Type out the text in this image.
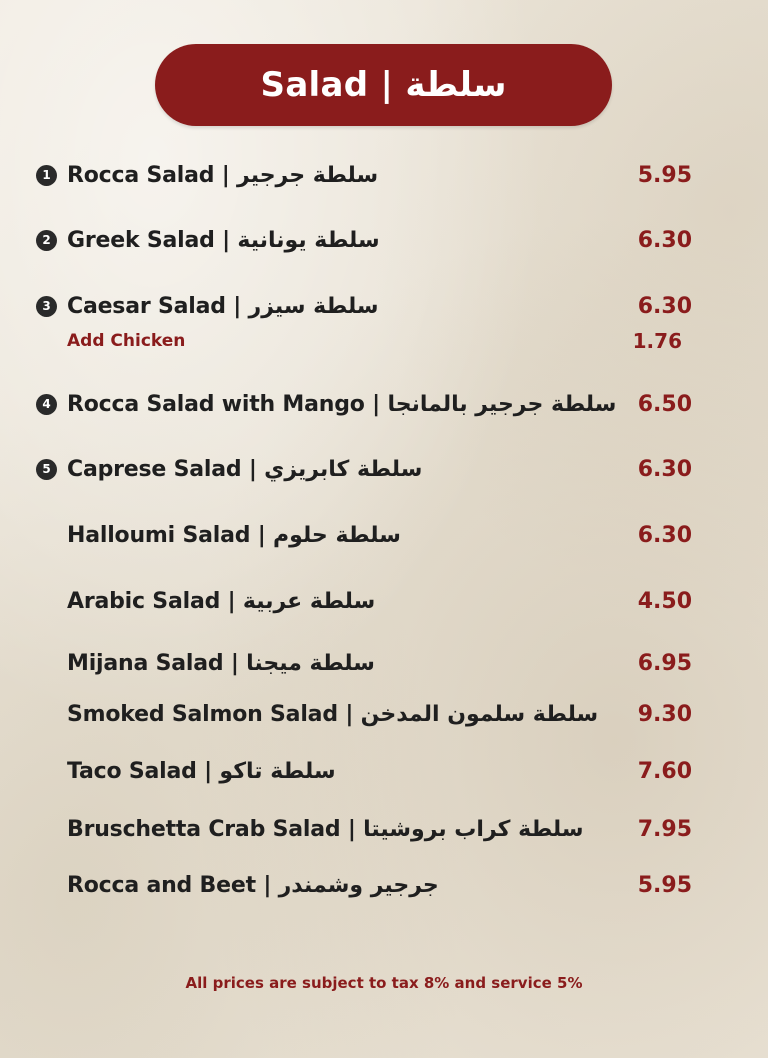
Salad | سلطة
1 Rocca Salad | سلطة جرجير	5.95
2 Greek Salad | سلطة يونانية	6.30
3 Caesar Salad | سلطة سيزر	6.30
Add Chicken	1.76
4 Rocca Salad with Mango | سلطة جرجير بالمانجا 6.50
5 Caprese Salad | سلطة كابريزي	6.30
Halloumi Salad | سلطة حلوم	6.30
Arabic Salad | سلطة عربية	4.50
Mijana Salad | سلطة ميجنا	6.95
Smoked Salmon Salad | سلطة سلمون المدخن 9.30
Taco Salad | سلطة تاكو	7.60
Bruschetta Crab Salad | سلطة كراب بروشيتا 7.95
Rocca and Beet | جرجير وشمندر	5.95
All prices are subject to tax 8% and service 5%
